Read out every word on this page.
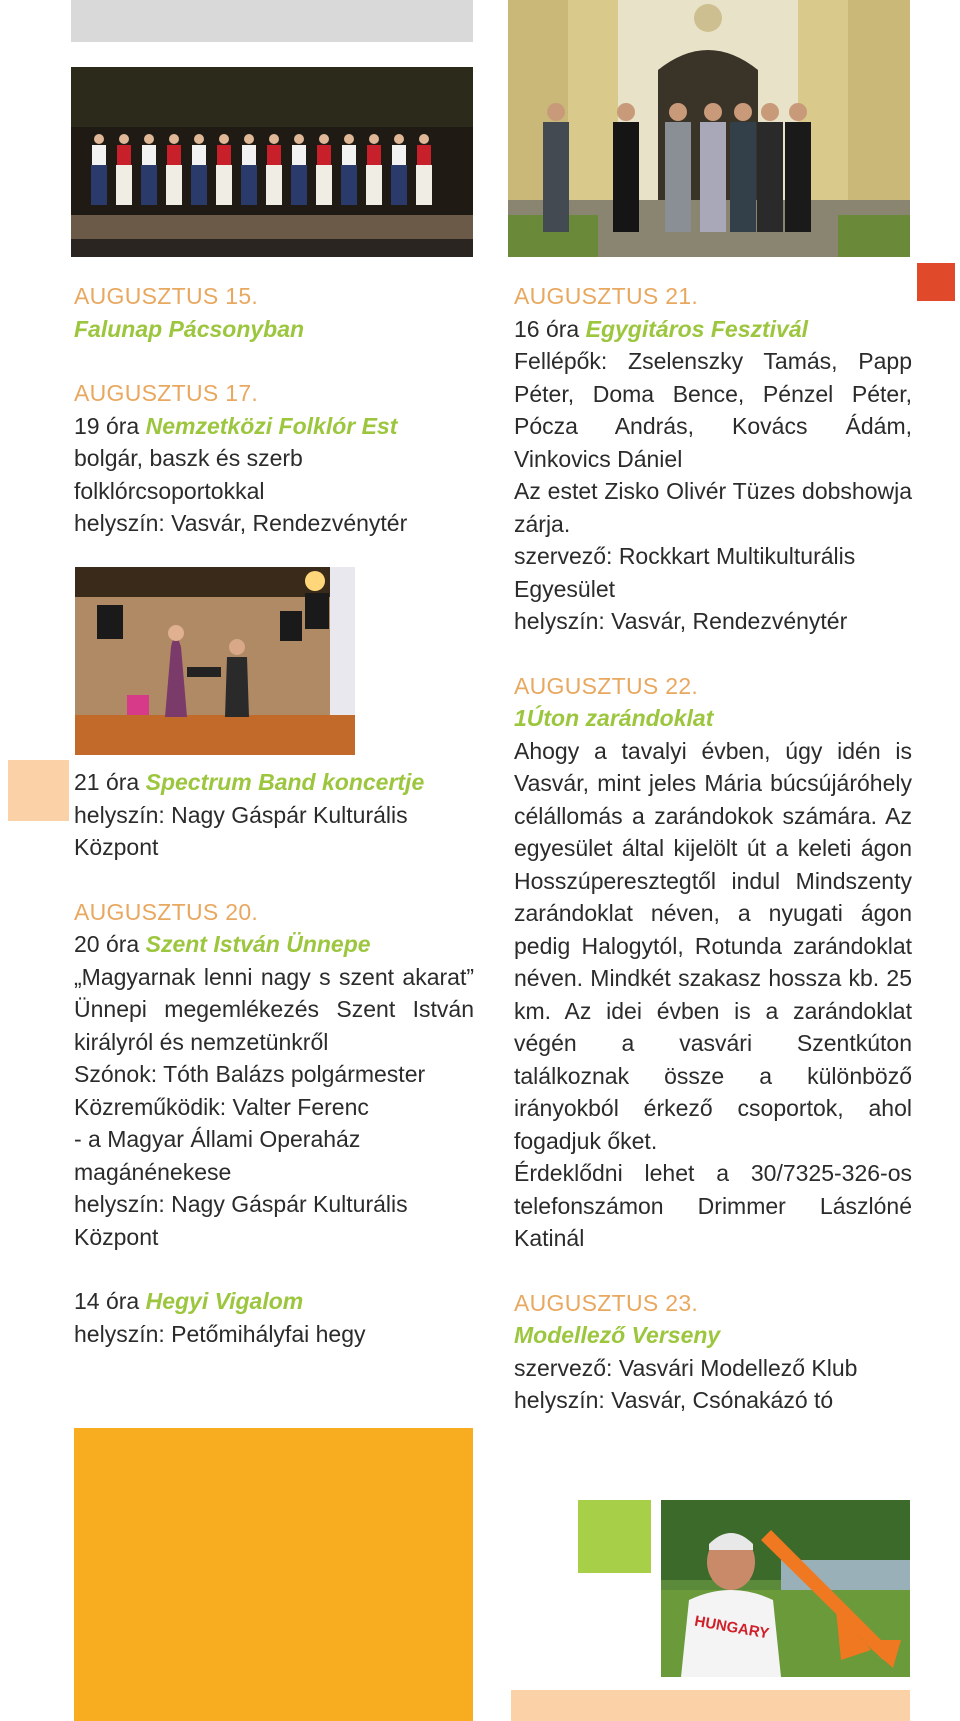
HUNGARY

AUGUSZTUS 15.

Falunap Pácsonyban

AUGUSZTUS 17.

19 óra Nemzetközi Folklór Est

bolgár, baszk és szerb

folklórcsoportokkal

helyszín: Vasvár, Rendezvénytér

21 óra Spectrum Band koncertje

helyszín: Nagy Gáspár Kulturális

Központ

AUGUSZTUS 20.

20 óra Szent István Ünnepe

„Magyarnak lenni nagy s szent akarat” Ünnepi megemlékezés Szent István királyról és nemzetünkről

Szónok: Tóth Balázs polgármester

Közreműködik: Valter Ferenc

- a Magyar Állami Operaház magánénekese

helyszín: Nagy Gáspár Kulturális

Központ

14 óra Hegyi Vigalom

helyszín: Petőmihályfai hegy

AUGUSZTUS 21.

16 óra Egygitáros Fesztivál

Fellépők: Zselenszky Tamás, Papp Péter, Doma Bence, Pénzel Péter, Pócza András, Kovács Ádám, Vinkovics Dániel

Az estet Zisko Olivér Tüzes dobshowja zárja.

szervező: Rockkart Multikulturális

Egyesület

helyszín: Vasvár, Rendezvénytér

AUGUSZTUS 22.

1Úton zarándoklat

Ahogy a tavalyi évben, úgy idén is Vasvár, mint jeles Mária búcsújáróhely célállomás a zarándokok számára. Az egyesület által kijelölt út a keleti ágon Hosszúperesztegtől indul Mindszenty zarándoklat néven, a nyugati ágon pedig Halogytól, Rotunda zarándoklat néven. Mindkét szakasz hossza kb. 25 km. Az idei évben is a zarándoklat végén a vasvári Szentkúton találkoznak össze a különböző irányokból érkező csoportok, ahol fogadjuk őket.

Érdeklődni lehet a 30/7325-326-os telefonszámon Drimmer Lászlóné Katinál

AUGUSZTUS 23.

Modellező Verseny

szervező: Vasvári Modellező Klub

helyszín: Vasvár, Csónakázó tó
